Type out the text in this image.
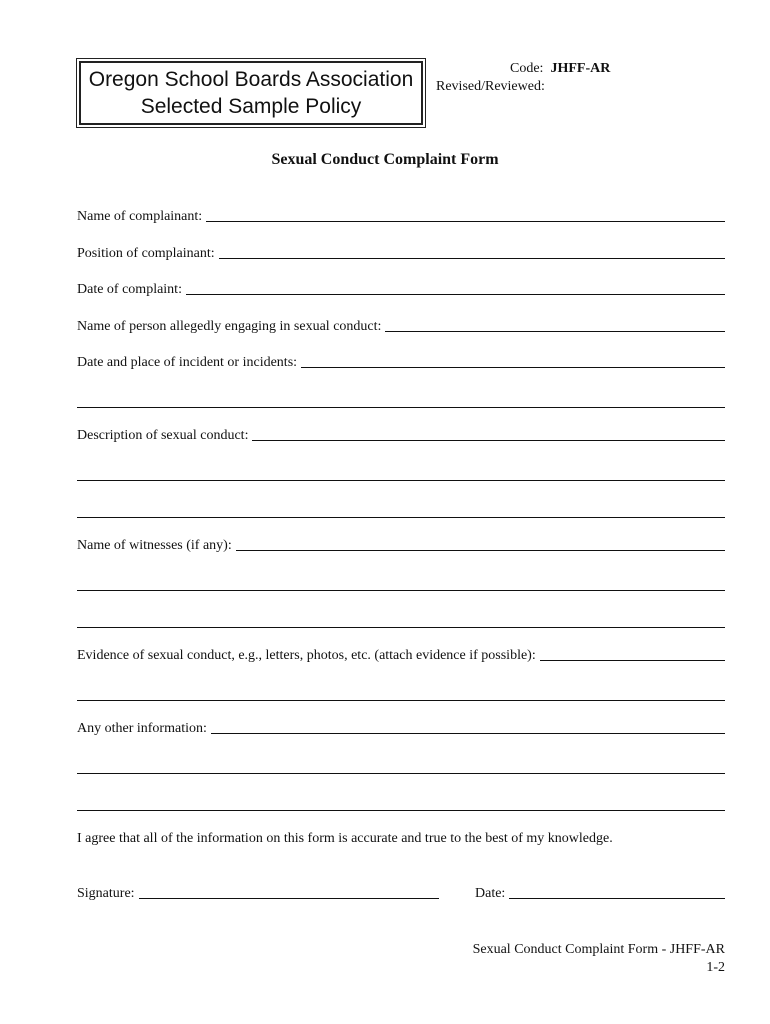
Oregon School Boards Association
Selected Sample Policy
Code: JHFF-AR
Revised/Reviewed:
Sexual Conduct Complaint Form
Name of complainant:
Position of complainant:
Date of complaint:
Name of person allegedly engaging in sexual conduct:
Date and place of incident or incidents:
Description of sexual conduct:
Name of witnesses (if any):
Evidence of sexual conduct, e.g., letters, photos, etc. (attach evidence if possible):
Any other information:
I agree that all of the information on this form is accurate and true to the best of my knowledge.
Signature:	Date:
Sexual Conduct Complaint Form - JHFF-AR
1-2
